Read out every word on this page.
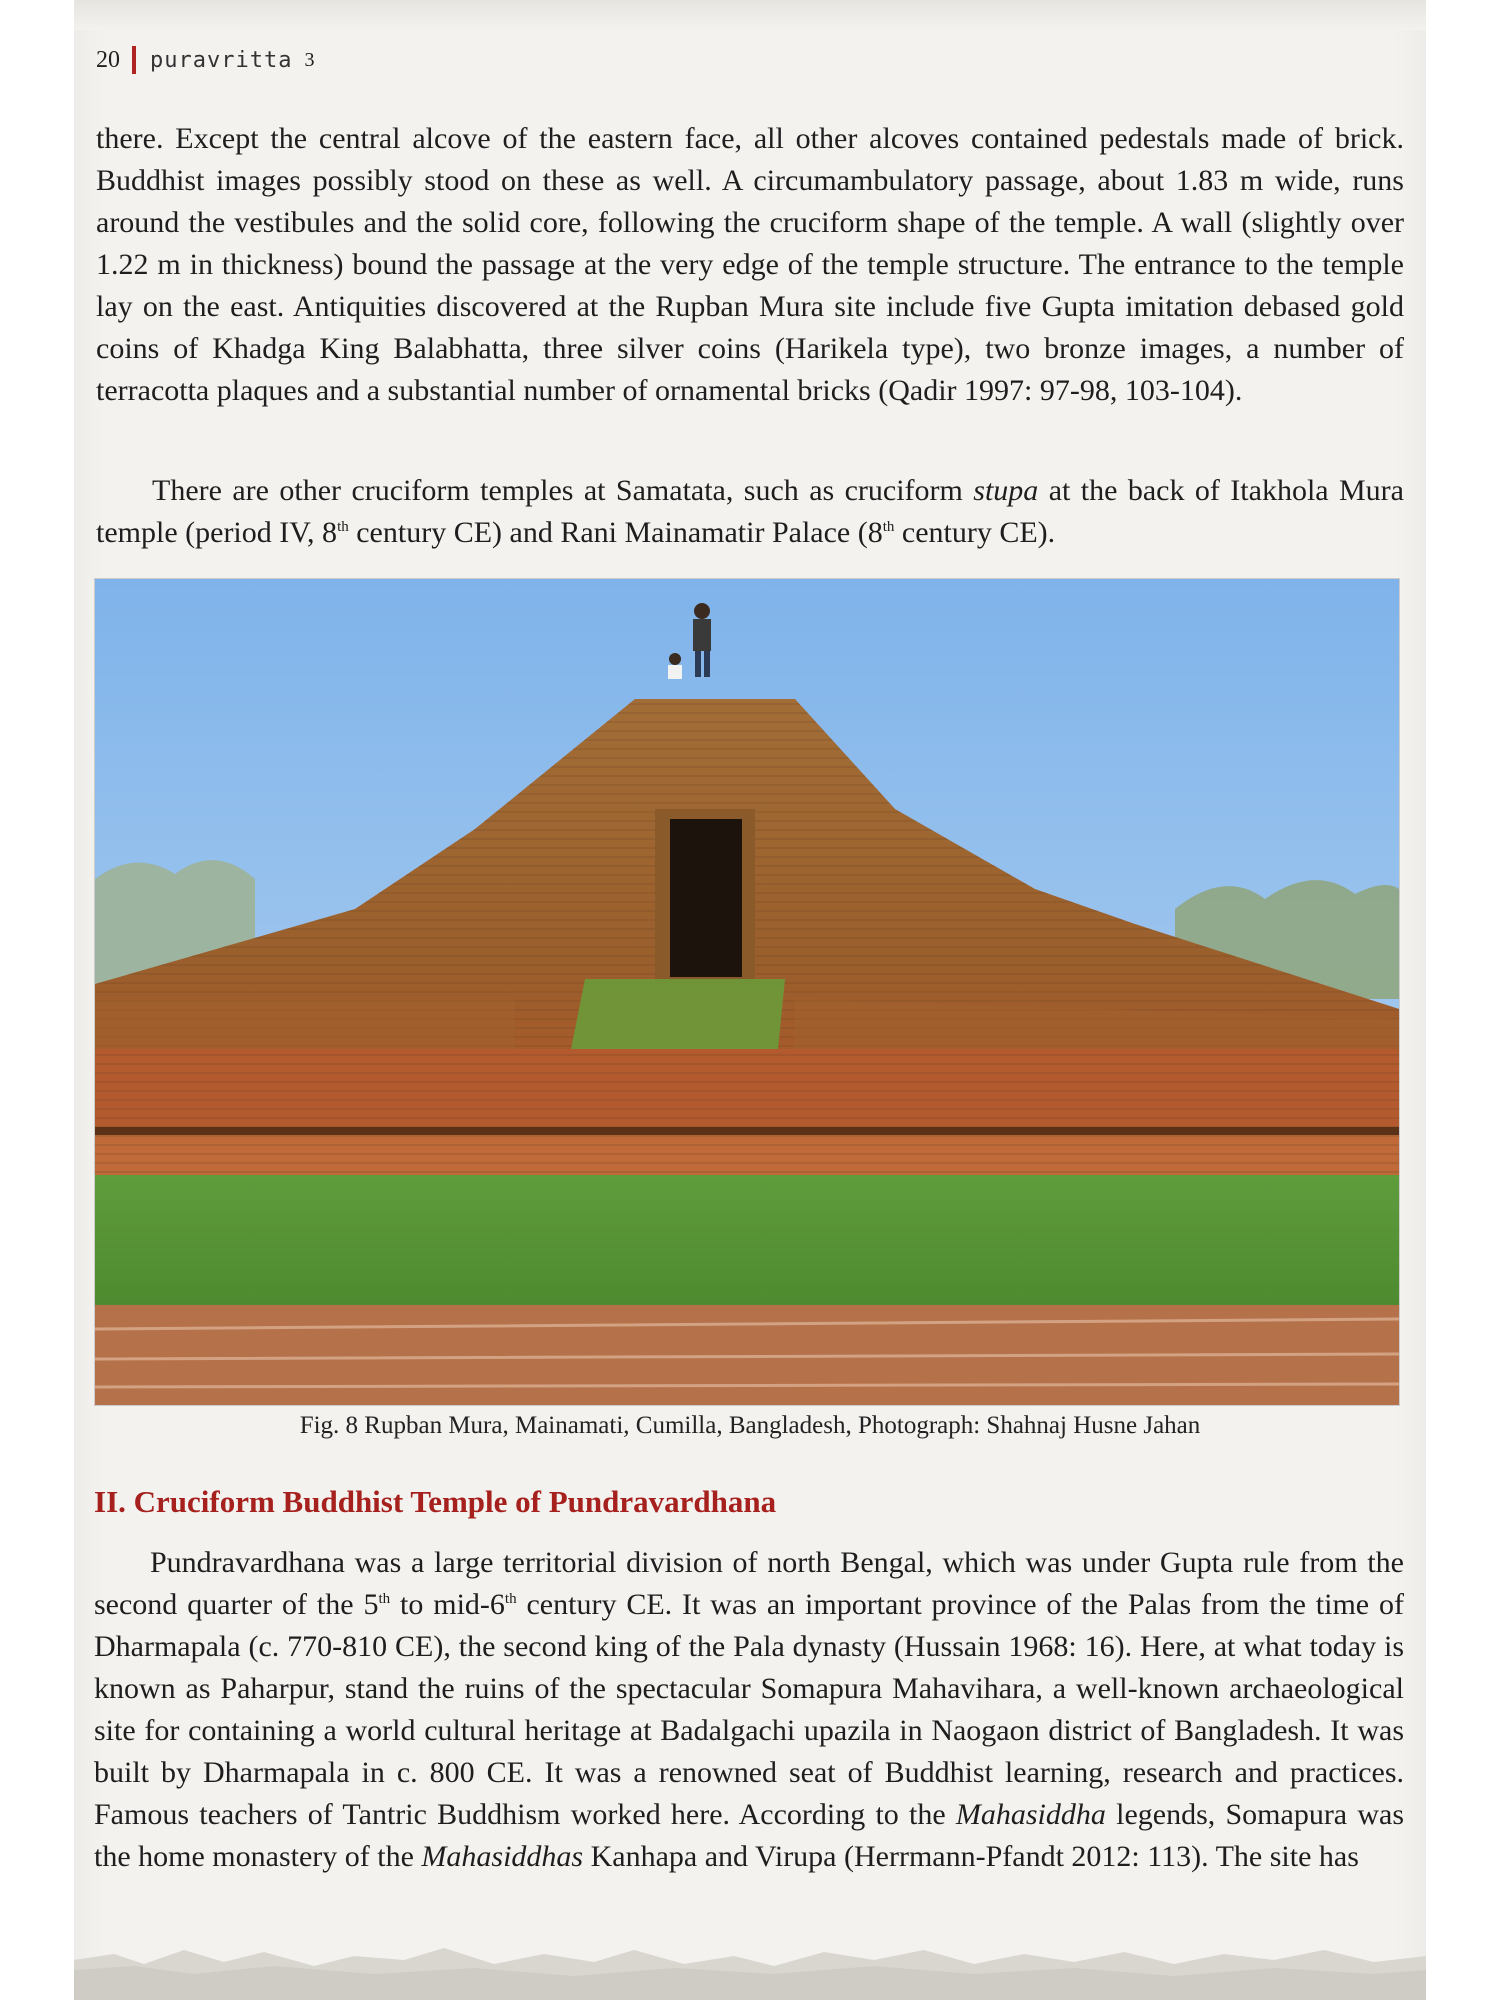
20 puravritta 3

there. Except the central alcove of the eastern face, all other alcoves contained pedestals made of brick. Buddhist images possibly stood on these as well. A circumambulatory passage, about 1.83 m wide, runs around the vestibules and the solid core, following the cruciform shape of the temple. A wall (slightly over 1.22 m in thickness) bound the passage at the very edge of the temple structure. The entrance to the temple lay on the east. Antiquities discovered at the Rupban Mura site include five Gupta imitation debased gold coins of Khadga King Balabhatta, three silver coins (Harikela type), two bronze images, a number of terracotta plaques and a substantial number of ornamental bricks (Qadir 1997: 97-98, 103-104).

There are other cruciform temples at Samatata, such as cruciform stupa at the back of Itakhola Mura temple (period IV, 8th century CE) and Rani Mainamatir Palace (8th century CE).

Fig. 8 Rupban Mura, Mainamati, Cumilla, Bangladesh, Photograph: Shahnaj Husne Jahan
II. Cruciform Buddhist Temple of Pundravardhana

Pundravardhana was a large territorial division of north Bengal, which was under Gupta rule from the second quarter of the 5th to mid-6th century CE. It was an important province of the Palas from the time of Dharmapala (c. 770-810 CE), the second king of the Pala dynasty (Hussain 1968: 16). Here, at what today is known as Paharpur, stand the ruins of the spectacular Somapura Mahavihara, a well-known archaeological site for containing a world cultural heritage at Badalgachi upazila in Naogaon district of Bangladesh. It was built by Dharmapala in c. 800 CE. It was a renowned seat of Buddhist learning, research and practices. Famous teachers of Tantric Buddhism worked here. According to the Mahasiddha legends, Somapura was the home monastery of the Mahasiddhas Kanhapa and Virupa (Herrmann-Pfandt 2012: 113). The site has
